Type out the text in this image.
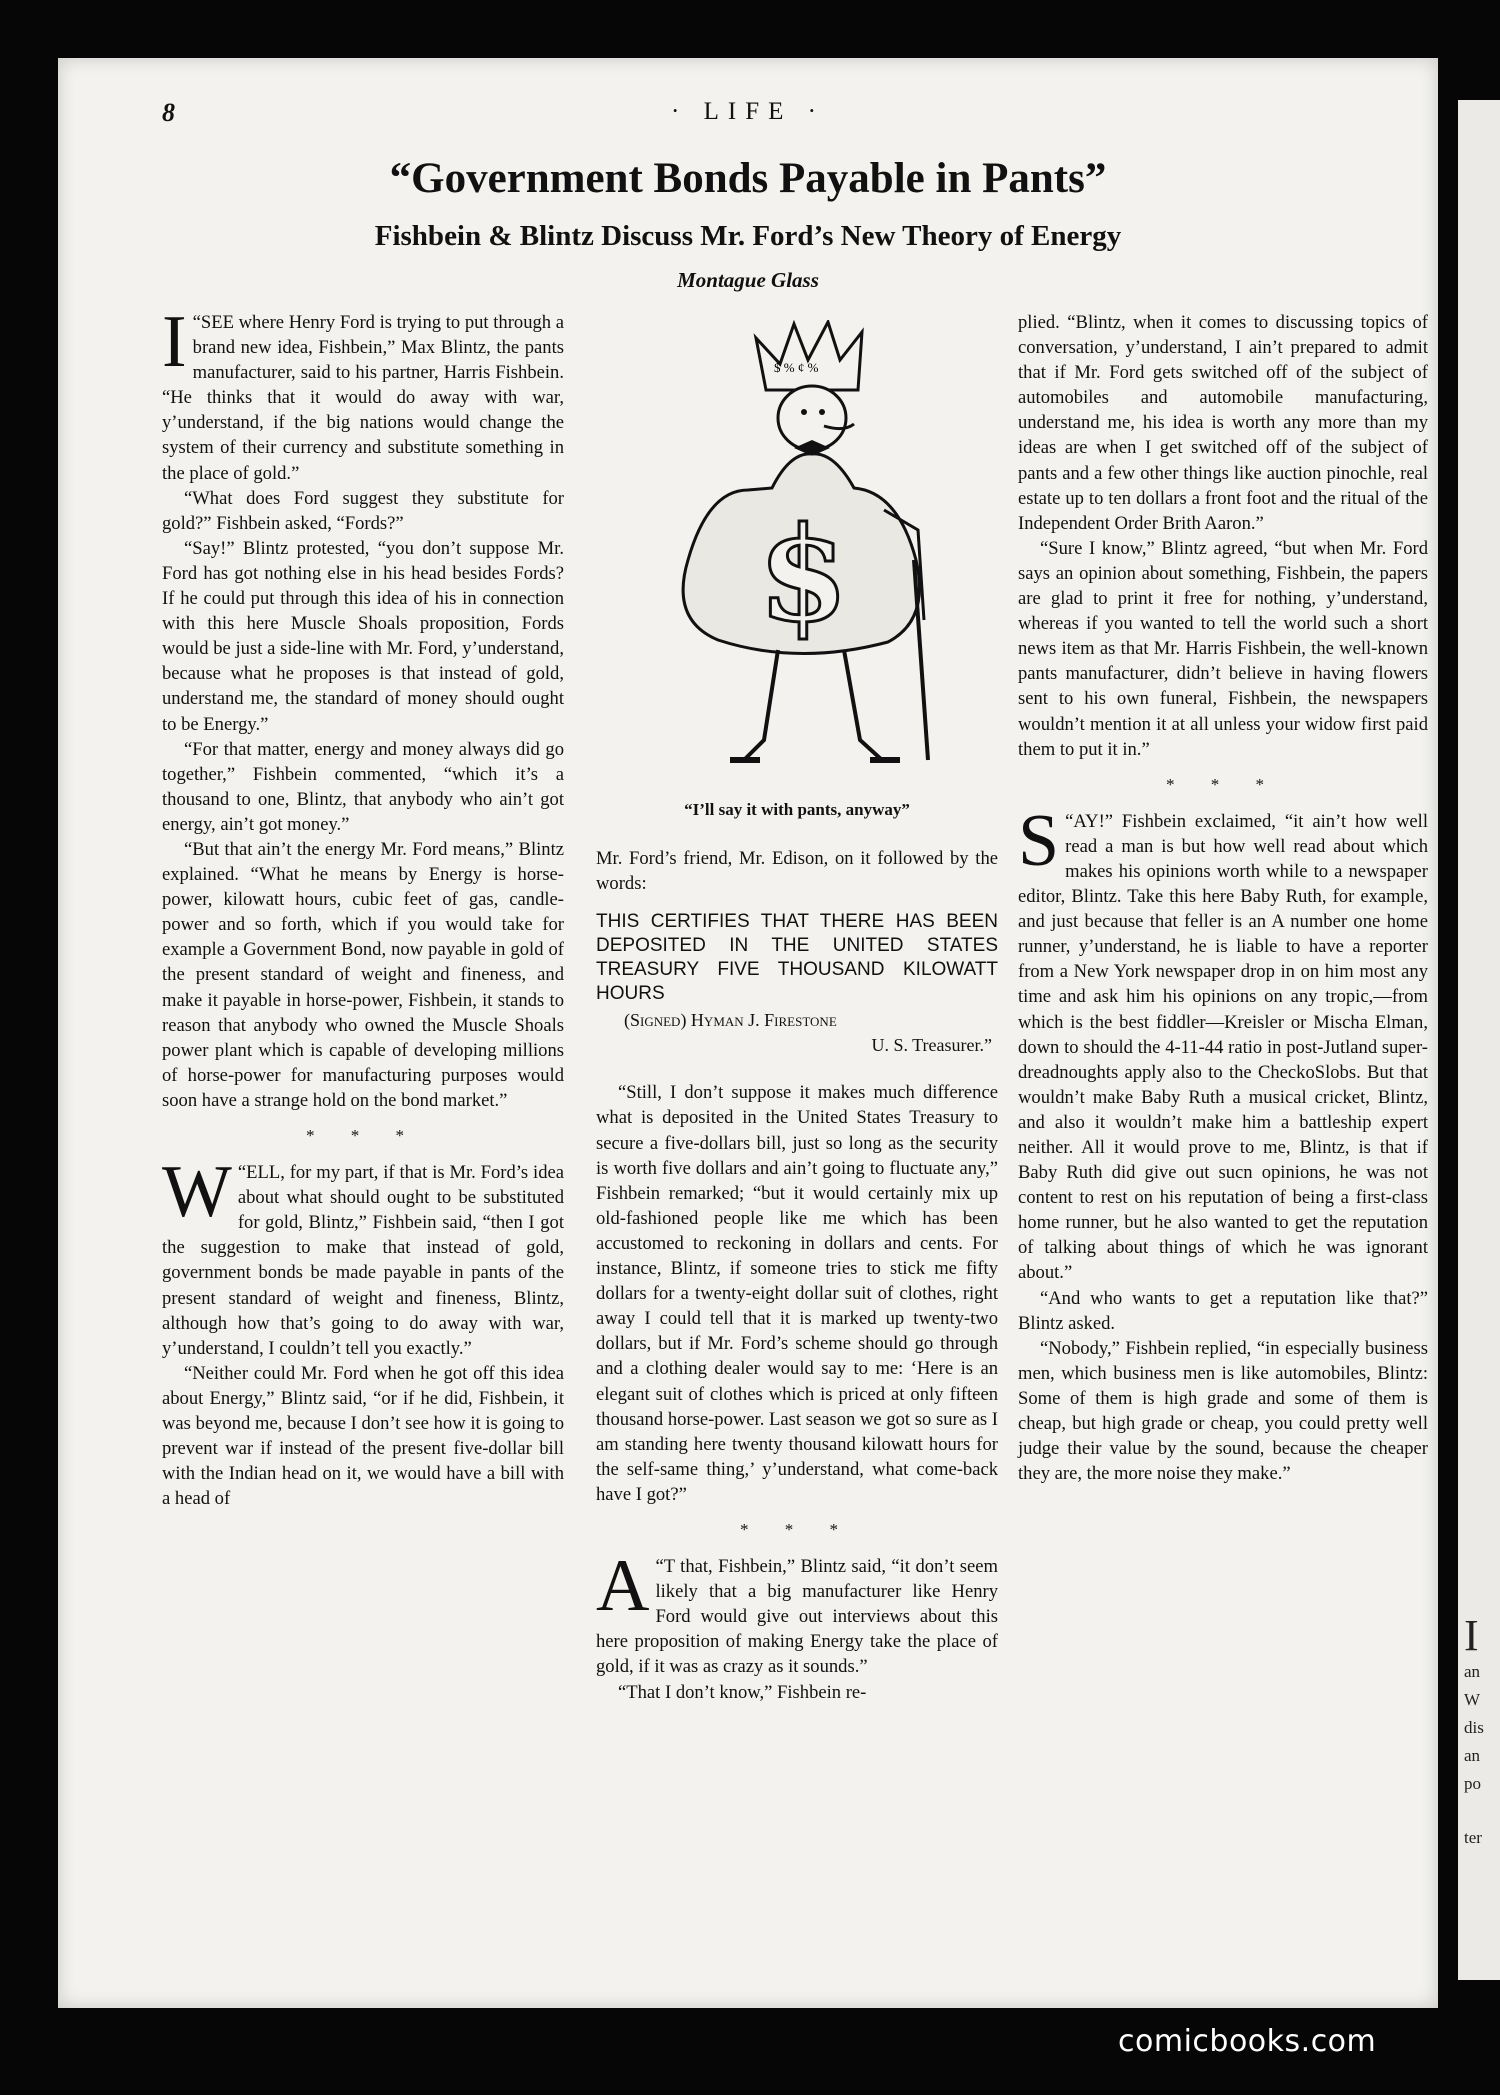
8	· LIFE ·
“Government Bonds Payable in Pants”
Fishbein & Blintz Discuss Mr. Ford’s New Theory of Energy
Montague Glass

“
I SEE where Henry Ford is trying to put through a brand new idea, Fishbein,” Max Blintz, the pants manufacturer, said to his partner, Harris Fishbein. “He thinks that it would do away with war, y’understand, if the big nations would change the system of their currency and substitute something in the place of gold.”

“What does Ford suggest they substitute for gold?” Fishbein asked, “Fords?”

“Say!” Blintz protested, “you don’t suppose Mr. Ford has got nothing else in his head besides Fords? If he could put through this idea of his in connection with this here Muscle Shoals proposition, Fords would be just a side-line with Mr. Ford, y’understand, because what he proposes is that instead of gold, understand me, the standard of money should ought to be Energy.”

“For that matter, energy and money always did go together,” Fishbein commented, “which it’s a thousand to one, Blintz, that anybody who ain’t got energy, ain’t got money.”

“But that ain’t the energy Mr. Ford means,” Blintz explained. “What he means by Energy is horse-power, kilowatt hours, cubic feet of gas, candle-power and so forth, which if you would take for example a Government Bond, now payable in gold of the present standard of weight and fineness, and make it payable in horse-power, Fishbein, it stands to reason that anybody who owned the Muscle Shoals power plant which is capable of developing millions of horse-power for manufacturing purposes would soon have a strange hold on the bond market.”

* * *

“
W ELL, for my part, if that is Mr. Ford’s idea about what should ought to be substituted for gold, Blintz,” Fishbein said, “then I got the suggestion to make that instead of gold, government bonds be made payable in pants of the present standard of weight and fineness, Blintz, although how that’s going to do away with war, y’understand, I couldn’t tell you exactly.”

“Neither could Mr. Ford when he got off this idea about Energy,” Blintz said, “or if he did, Fishbein, it was beyond me, because I don’t see how it is going to prevent war if instead of the present five-dollar bill with the Indian head on it, we would have a bill with a head of

$ % ¢ %
$
“I’ll say it with pants, anyway”

Mr. Ford’s friend, Mr. Edison, on it followed by the words:

THIS CERTIFIES THAT THERE HAS BEEN DEPOSITED IN THE UNITED STATES TREASURY FIVE THOUSAND KILOWATT HOURS
(Signed) Hyman J. Firestone
U. S. Treasurer.”

“Still, I don’t suppose it makes much difference what is deposited in the United States Treasury to secure a five-dollars bill, just so long as the security is worth five dollars and ain’t going to fluctuate any,” Fishbein remarked; “but it would certainly mix up old-fashioned people like me which has been accustomed to reckoning in dollars and cents. For instance, Blintz, if someone tries to stick me fifty dollars for a twenty-eight dollar suit of clothes, right away I could tell that it is marked up twenty-two dollars, but if Mr. Ford’s scheme should go through and a clothing dealer would say to me: ‘Here is an elegant suit of clothes which is priced at only fifteen thousand horse-power. Last season we got so sure as I am standing here twenty thousand kilowatt hours for the self-same thing,’ y’understand, what come-back have I got?”

* * *

“
A T that, Fishbein,” Blintz said, “it don’t seem likely that a big manufacturer like Henry Ford would give out interviews about this here proposition of making Energy take the place of gold, if it was as crazy as it sounds.”

“That I don’t know,” Fishbein re-

plied. “Blintz, when it comes to discussing topics of conversation, y’understand, I ain’t prepared to admit that if Mr. Ford gets switched off of the subject of automobiles and automobile manufacturing, understand me, his idea is worth any more than my ideas are when I get switched off of the subject of pants and a few other things like auction pinochle, real estate up to ten dollars a front foot and the ritual of the Independent Order Brith Aaron.”

“Sure I know,” Blintz agreed, “but when Mr. Ford says an opinion about something, Fishbein, the papers are glad to print it free for nothing, y’understand, whereas if you wanted to tell the world such a short news item as that Mr. Harris Fishbein, the well-known pants manufacturer, didn’t believe in having flowers sent to his own funeral, Fishbein, the newspapers wouldn’t mention it at all unless your widow first paid them to put it in.”

* * *

“
S AY!” Fishbein exclaimed, “it ain’t how well read a man is but how well read about which makes his opinions worth while to a newspaper editor, Blintz. Take this here Baby Ruth, for example, and just because that feller is an A number one home runner, y’understand, he is liable to have a reporter from a New York newspaper drop in on him most any time and ask him his opinions on any tropic,—from which is the best fiddler—Kreisler or Mischa Elman, down to should the 4-11-44 ratio in post-Jutland super-dreadnoughts apply also to the CheckoSlobs. But that wouldn’t make Baby Ruth a musical cricket, Blintz, and also it wouldn’t make him a battleship expert neither. All it would prove to me, Blintz, is that if Baby Ruth did give out sucn opinions, he was not content to rest on his reputation of being a first-class home runner, but he also wanted to get the reputation of talking about things of which he was ignorant about.”

“And who wants to get a reputation like that?” Blintz asked.

“Nobody,” Fishbein replied, “in especially business men, which business men is like automobiles, Blintz: Some of them is high grade and some of them is cheap, but high grade or cheap, you could pretty well judge their value by the sound, because the cheaper they are, the more noise they make.”

I
an
W
dis
an
po
ter
comicbooks.com
